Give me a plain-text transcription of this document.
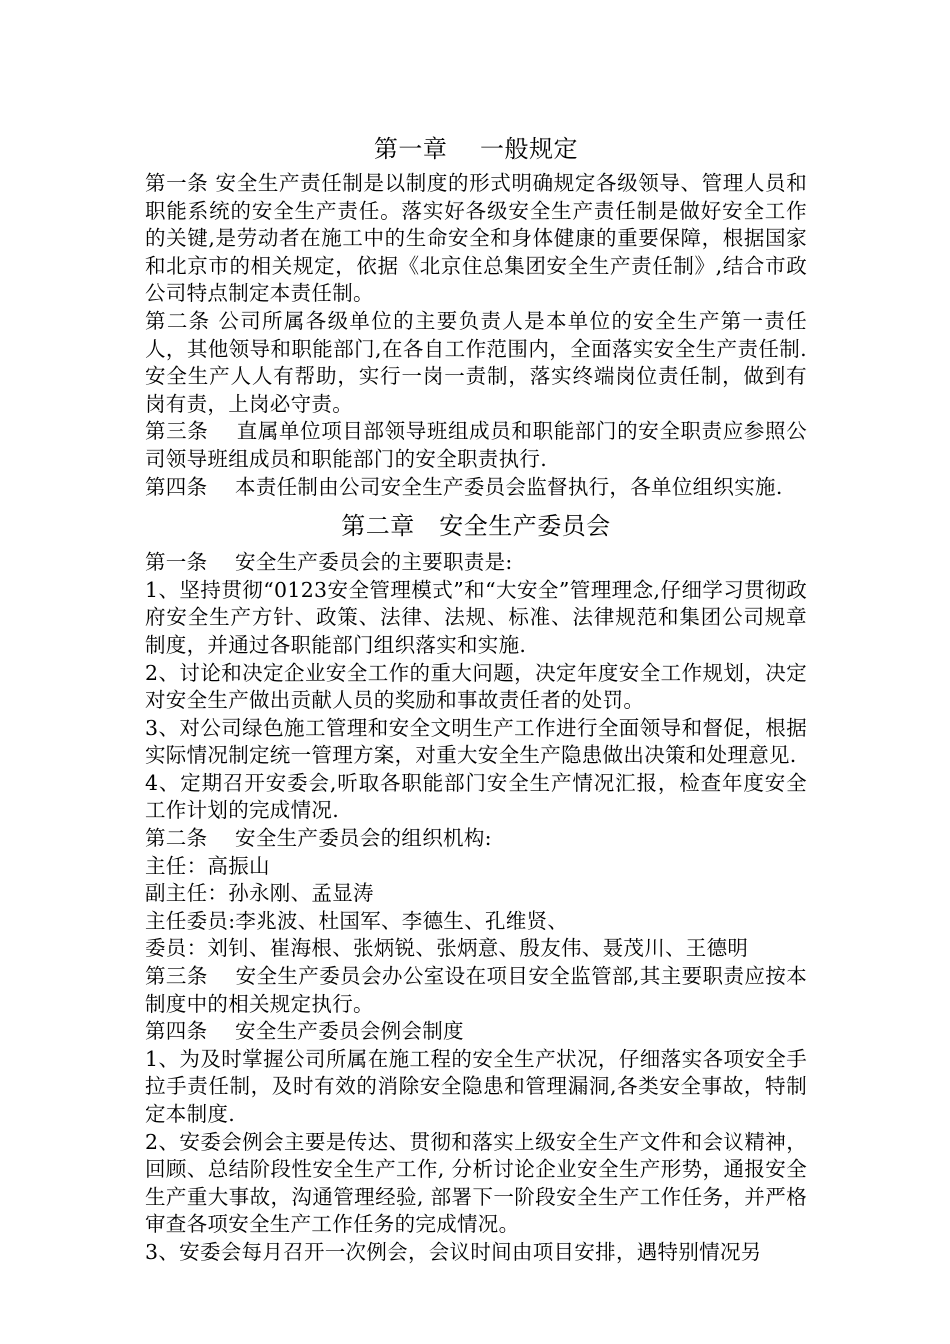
第一章　 一般规定

第一条 安全生产责任制是以制度的形式明确规定各级领导、管理人员和职能系统的安全生产责任。落实好各级安全生产责任制是做好安全工作的关键,是劳动者在施工中的生命安全和身体健康的重要保障，根据国家和北京市的相关规定，依据《北京住总集团安全生产责任制》,结合市政公司特点制定本责任制。

第二条 公司所属各级单位的主要负责人是本单位的安全生产第一责任人，其他领导和职能部门,在各自工作范围内，全面落实安全生产责任制.安全生产人人有帮助，实行一岗一责制，落实终端岗位责任制，做到有岗有责，上岗必守责。

第三条　 直属单位项目部领导班组成员和职能部门的安全职责应参照公司领导班组成员和职能部门的安全职责执行.

第四条　 本责任制由公司安全生产委员会监督执行，各单位组织实施.

第二章　安全生产委员会

第一条　 安全生产委员会的主要职责是:

1、坚持贯彻“0123安全管理模式”和“大安全”管理理念,仔细学习贯彻政府安全生产方针、政策、法律、法规、标准、法律规范和集团公司规章制度，并通过各职能部门组织落实和实施.

2、讨论和决定企业安全工作的重大问题，决定年度安全工作规划，决定对安全生产做出贡献人员的奖励和事故责任者的处罚。

3、对公司绿色施工管理和安全文明生产工作进行全面领导和督促，根据实际情况制定统一管理方案，对重大安全生产隐患做出决策和处理意见.

4、定期召开安委会,听取各职能部门安全生产情况汇报，检查年度安全工作计划的完成情况.

第二条　 安全生产委员会的组织机构:

主任：高振山

副主任：孙永刚、孟显涛

主任委员:李兆波、杜国军、李德生、孔维贤、

委员：刘钊、崔海根、张炳锐、张炳意、殷友伟、聂茂川、王德明

第三条　 安全生产委员会办公室设在项目安全监管部,其主要职责应按本制度中的相关规定执行。

第四条　 安全生产委员会例会制度

1、为及时掌握公司所属在施工程的安全生产状况，仔细落实各项安全手拉手责任制，及时有效的消除安全隐患和管理漏洞,各类安全事故，特制定本制度.

2、安委会例会主要是传达、贯彻和落实上级安全生产文件和会议精神，回顾、总结阶段性安全生产工作, 分析讨论企业安全生产形势，通报安全生产重大事故，沟通管理经验, 部署下一阶段安全生产工作任务，并严格审查各项安全生产工作任务的完成情况。

3、安委会每月召开一次例会，会议时间由项目安排，遇特别情况另
